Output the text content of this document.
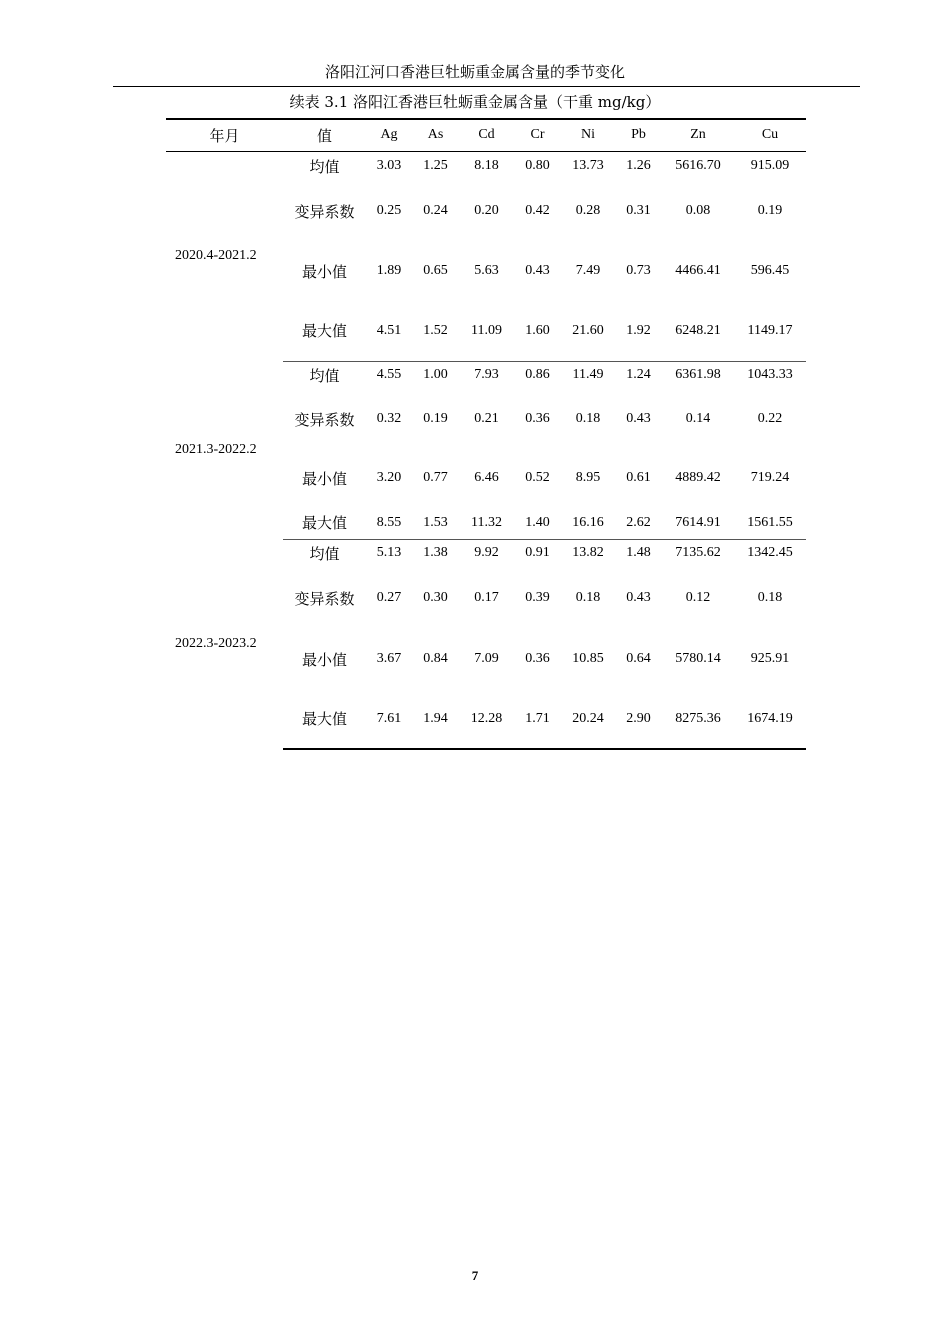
洛阳江河口香港巨牡蛎重金属含量的季节变化
续表 3.1 洛阳江香港巨牡蛎重金属含量（干重 mg/kg）
年月	值	Ag	As	Cd	Cr	Ni	Pb	Zn	Cu
2020.4-2021.2	均值	3.03	1.25	8.18	0.80	13.73	1.26	5616.70	915.09
	变异系数	0.25	0.24	0.20	0.42	0.28	0.31	0.08	0.19
	最小值	1.89	0.65	5.63	0.43	7.49	0.73	4466.41	596.45
	最大值	4.51	1.52	11.09	1.60	21.60	1.92	6248.21	1149.17
2021.3-2022.2	均值	4.55	1.00	7.93	0.86	11.49	1.24	6361.98	1043.33
	变异系数	0.32	0.19	0.21	0.36	0.18	0.43	0.14	0.22
	最小值	3.20	0.77	6.46	0.52	8.95	0.61	4889.42	719.24
	最大值	8.55	1.53	11.32	1.40	16.16	2.62	7614.91	1561.55
2022.3-2023.2	均值	5.13	1.38	9.92	0.91	13.82	1.48	7135.62	1342.45
	变异系数	0.27	0.30	0.17	0.39	0.18	0.43	0.12	0.18
	最小值	3.67	0.84	7.09	0.36	10.85	0.64	5780.14	925.91
	最大值	7.61	1.94	12.28	1.71	20.24	2.90	8275.36	1674.19
7
